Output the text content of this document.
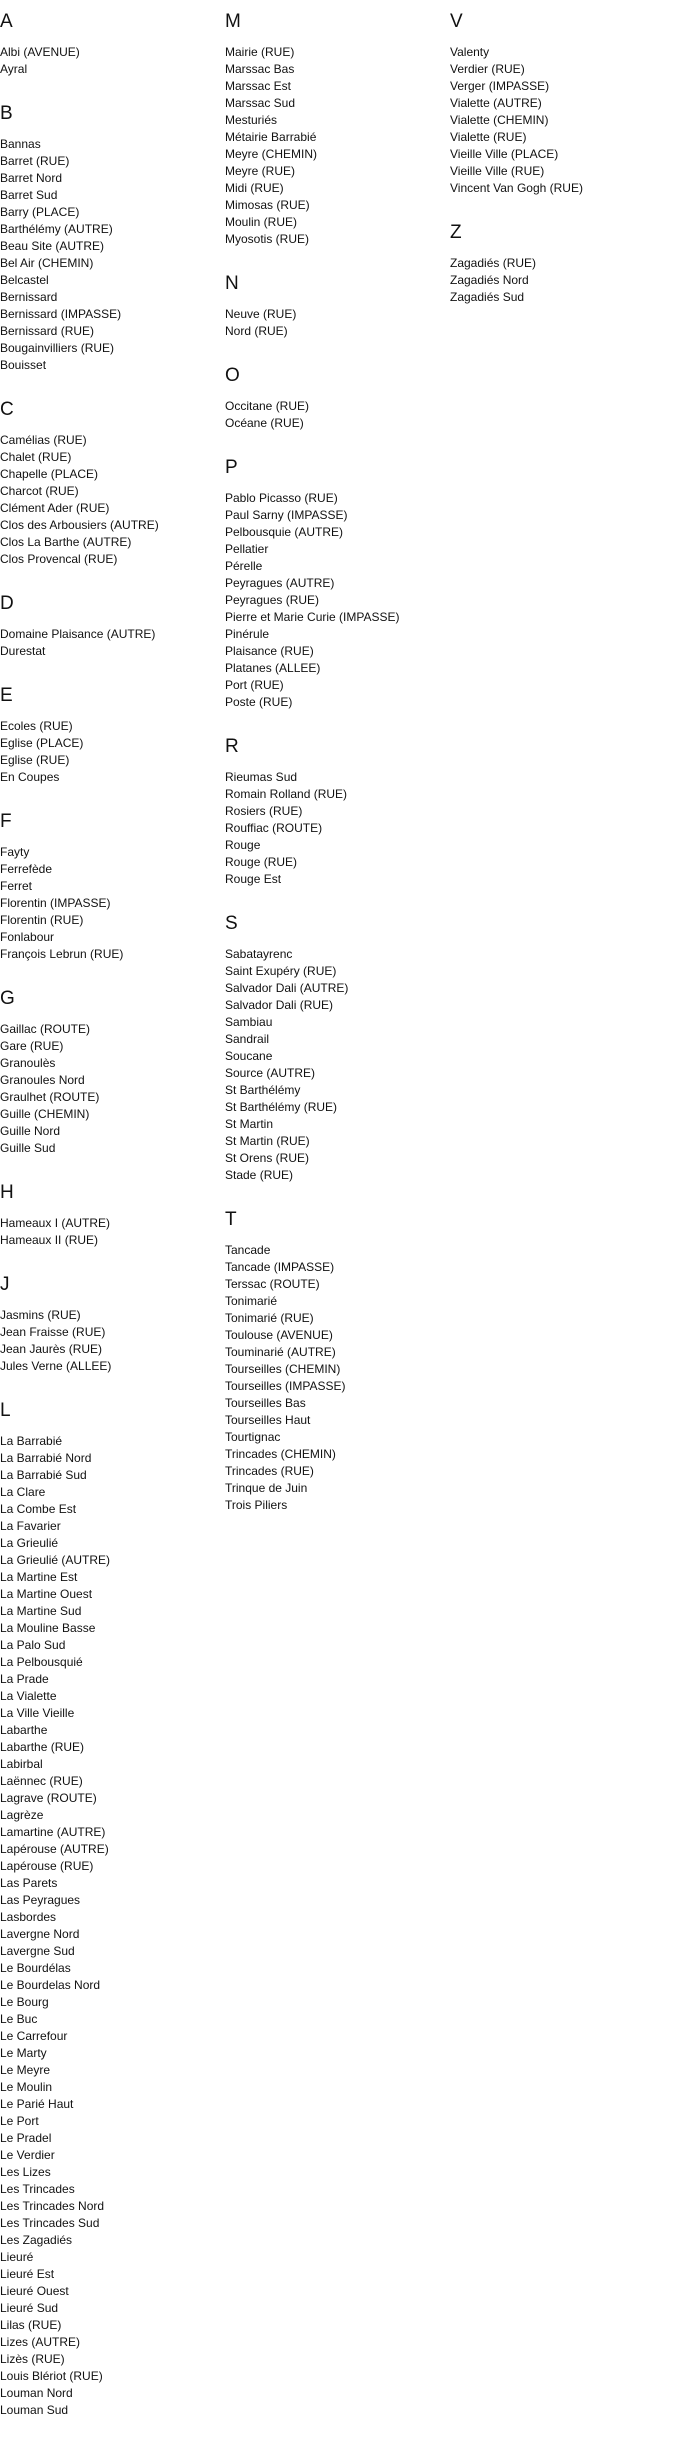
A
Albi (AVENUE)
Ayral
B
Bannas
Barret (RUE)
Barret Nord
Barret Sud
Barry (PLACE)
Barthélémy (AUTRE)
Beau Site (AUTRE)
Bel Air (CHEMIN)
Belcastel
Bernissard
Bernissard (IMPASSE)
Bernissard (RUE)
Bougainvilliers (RUE)
Bouisset
C
Camélias (RUE)
Chalet (RUE)
Chapelle (PLACE)
Charcot (RUE)
Clément Ader (RUE)
Clos des Arbousiers (AUTRE)
Clos La Barthe (AUTRE)
Clos Provencal (RUE)
D
Domaine Plaisance (AUTRE)
Durestat
E
Ecoles (RUE)
Eglise (PLACE)
Eglise (RUE)
En Coupes
F
Fayty
Ferrefède
Ferret
Florentin (IMPASSE)
Florentin (RUE)
Fonlabour
François Lebrun (RUE)
G
Gaillac (ROUTE)
Gare (RUE)
Granoulès
Granoules Nord
Graulhet (ROUTE)
Guille (CHEMIN)
Guille Nord
Guille Sud
H
Hameaux I (AUTRE)
Hameaux II (RUE)
J
Jasmins (RUE)
Jean Fraisse (RUE)
Jean Jaurès (RUE)
Jules Verne (ALLEE)
L
La Barrabié
La Barrabié Nord
La Barrabié Sud
La Clare
La Combe Est
La Favarier
La Grieulié
La Grieulié (AUTRE)
La Martine Est
La Martine Ouest
La Martine Sud
La Mouline Basse
La Palo Sud
La Pelbousquié
La Prade
La Vialette
La Ville Vieille
Labarthe
Labarthe (RUE)
Labirbal
Laënnec (RUE)
Lagrave (ROUTE)
Lagrèze
Lamartine (AUTRE)
Lapérouse (AUTRE)
Lapérouse (RUE)
Las Parets
Las Peyragues
Lasbordes
Lavergne Nord
Lavergne Sud
Le Bourdélas
Le Bourdelas Nord
Le Bourg
Le Buc
Le Carrefour
Le Marty
Le Meyre
Le Moulin
Le Parié Haut
Le Port
Le Pradel
Le Verdier
Les Lizes
Les Trincades
Les Trincades Nord
Les Trincades Sud
Les Zagadiés
Lieuré
Lieuré Est
Lieuré Ouest
Lieuré Sud
Lilas (RUE)
Lizes (AUTRE)
Lizès (RUE)
Louis Blériot (RUE)
Louman Nord
Louman Sud
M
Mairie (RUE)
Marssac Bas
Marssac Est
Marssac Sud
Mesturiés
Métairie Barrabié
Meyre (CHEMIN)
Meyre (RUE)
Midi (RUE)
Mimosas (RUE)
Moulin (RUE)
Myosotis (RUE)
N
Neuve (RUE)
Nord (RUE)
O
Occitane (RUE)
Océane (RUE)
P
Pablo Picasso (RUE)
Paul Sarny (IMPASSE)
Pelbousquie (AUTRE)
Pellatier
Pérelle
Peyragues (AUTRE)
Peyragues (RUE)
Pierre et Marie Curie (IMPASSE)
Pinérule
Plaisance (RUE)
Platanes (ALLEE)
Port (RUE)
Poste (RUE)
R
Rieumas Sud
Romain Rolland (RUE)
Rosiers (RUE)
Rouffiac (ROUTE)
Rouge
Rouge (RUE)
Rouge Est
S
Sabatayrenc
Saint Exupéry (RUE)
Salvador Dali (AUTRE)
Salvador Dali (RUE)
Sambiau
Sandrail
Soucane
Source (AUTRE)
St Barthélémy
St Barthélémy (RUE)
St Martin
St Martin (RUE)
St Orens (RUE)
Stade (RUE)
T
Tancade
Tancade (IMPASSE)
Terssac (ROUTE)
Tonimarié
Tonimarié (RUE)
Toulouse (AVENUE)
Touminarié (AUTRE)
Tourseilles (CHEMIN)
Tourseilles (IMPASSE)
Tourseilles Bas
Tourseilles Haut
Tourtignac
Trincades (CHEMIN)
Trincades (RUE)
Trinque de Juin
Trois Piliers
V
Valenty
Verdier (RUE)
Verger (IMPASSE)
Vialette (AUTRE)
Vialette (CHEMIN)
Vialette (RUE)
Vieille Ville (PLACE)
Vieille Ville (RUE)
Vincent Van Gogh (RUE)
Z
Zagadiés (RUE)
Zagadiés Nord
Zagadiés Sud
